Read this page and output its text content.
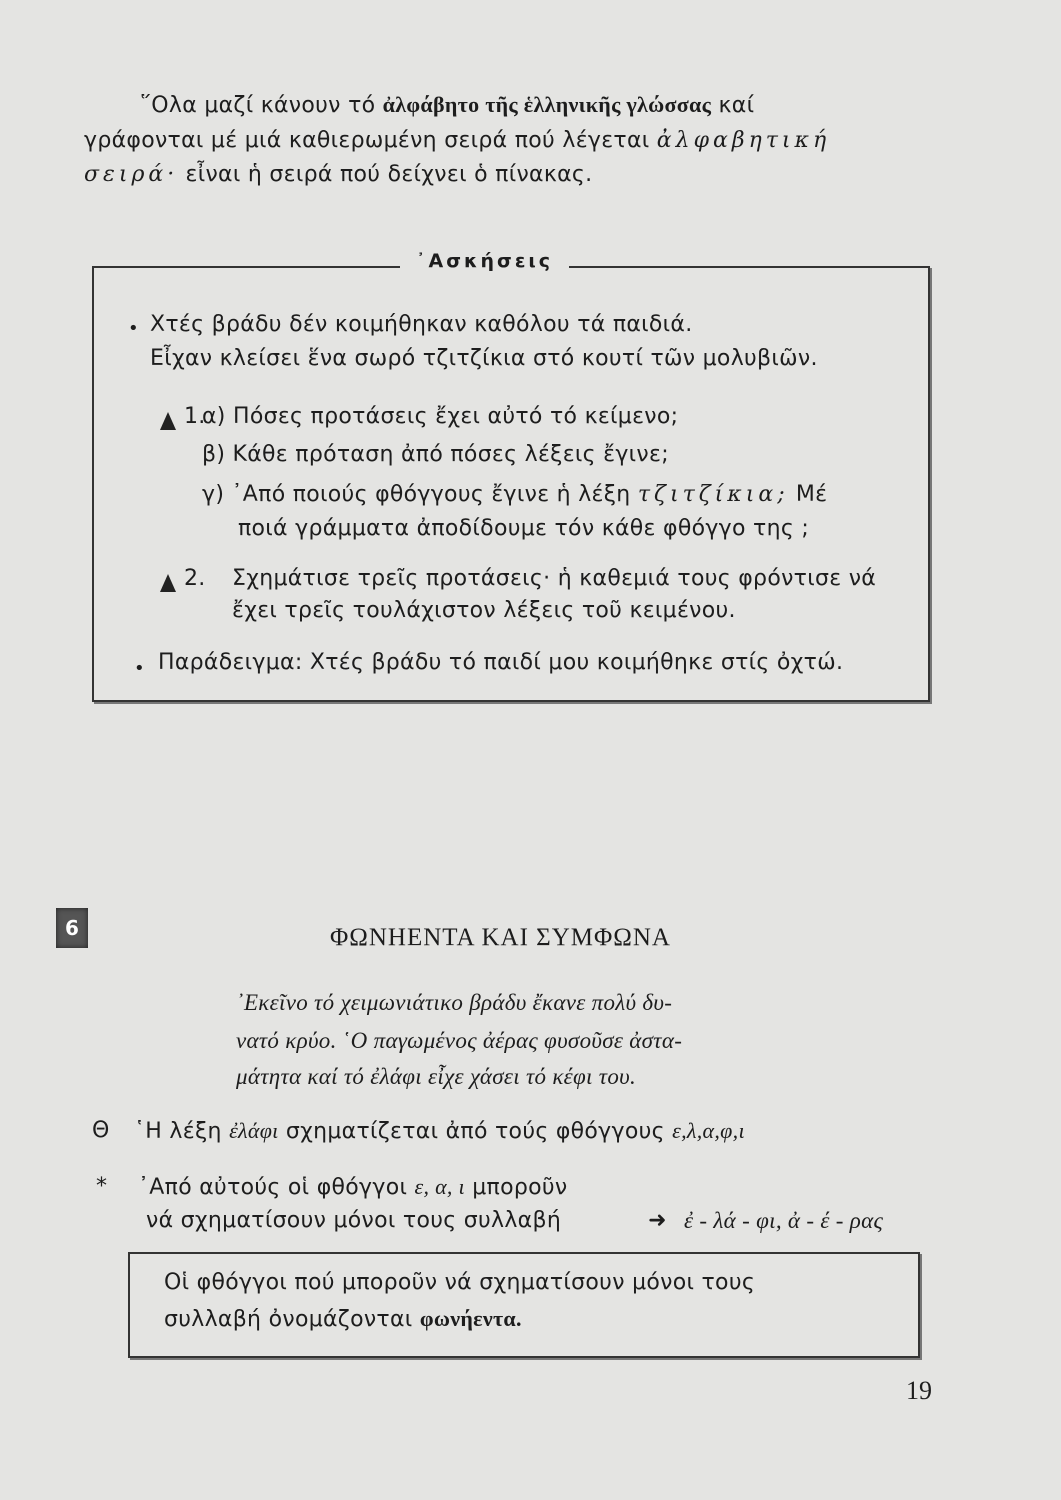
῞Ολα μαζί κάνουν τό ἀλφάβητο τῆς ἑλληνικῆς γλώσσας καί
γράφονται μέ μιά καθιερωμένη σειρά πού λέγεται ἀλφαβητική
σειρά· εἶναι ἡ σειρά πού δείχνει ὁ πίνακας.
᾿Ασκήσεις
• Χτές βράδυ δέν κοιμήθηκαν καθόλου τά παιδιά.
Εἶχαν κλείσει ἕνα σωρό τζιτζίκια στό κουτί τῶν μολυβιῶν.
1.
α) Πόσες προτάσεις ἔχει αὐτό τό κείμενο;
β) Κάθε πρόταση ἀπό πόσες λέξεις ἔγινε;
γ) ᾿Από ποιούς φθόγγους ἔγινε ἡ λέξη τζιτζίκια; Μέ
ποιά γράμματα ἀποδίδουμε τόν κάθε φθόγγο της ;
2. Σχημάτισε τρεῖς προτάσεις· ἡ καθεμιά τους φρόντισε νά
ἔχει τρεῖς τουλάχιστον λέξεις τοῦ κειμένου.
• Παράδειγμα: Χτές βράδυ τό παιδί μου κοιμήθηκε στίς ὀχτώ.
6	ΦΩΝΗΕΝΤΑ ΚΑΙ ΣΥΜΦΩΝΑ
᾿Εκεῖνο τό χειμωνιάτικο βράδυ ἔκανε πολύ δυ-
νατό κρύο. ῾Ο παγωμένος ἀέρας φυσοῦσε ἀστα-
μάτητα καί τό ἐλάφι εἶχε χάσει τό κέφι του.
Θ ῾Η λέξη ἐλάφι σχηματίζεται ἀπό τούς φθόγγους ε,λ,α,φ,ι
* ᾿Από αὐτούς οἱ φθόγγοι ε, α, ι μποροῦν
νά σχηματίσουν μόνοι τους συλλαβή	➜ ἐ - λά - φι, ἀ - έ - ρας
Οἱ φθόγγοι πού μποροῦν νά σχηματίσουν μόνοι τους
συλλαβή ὀνομάζονται φωνήεντα.
19
